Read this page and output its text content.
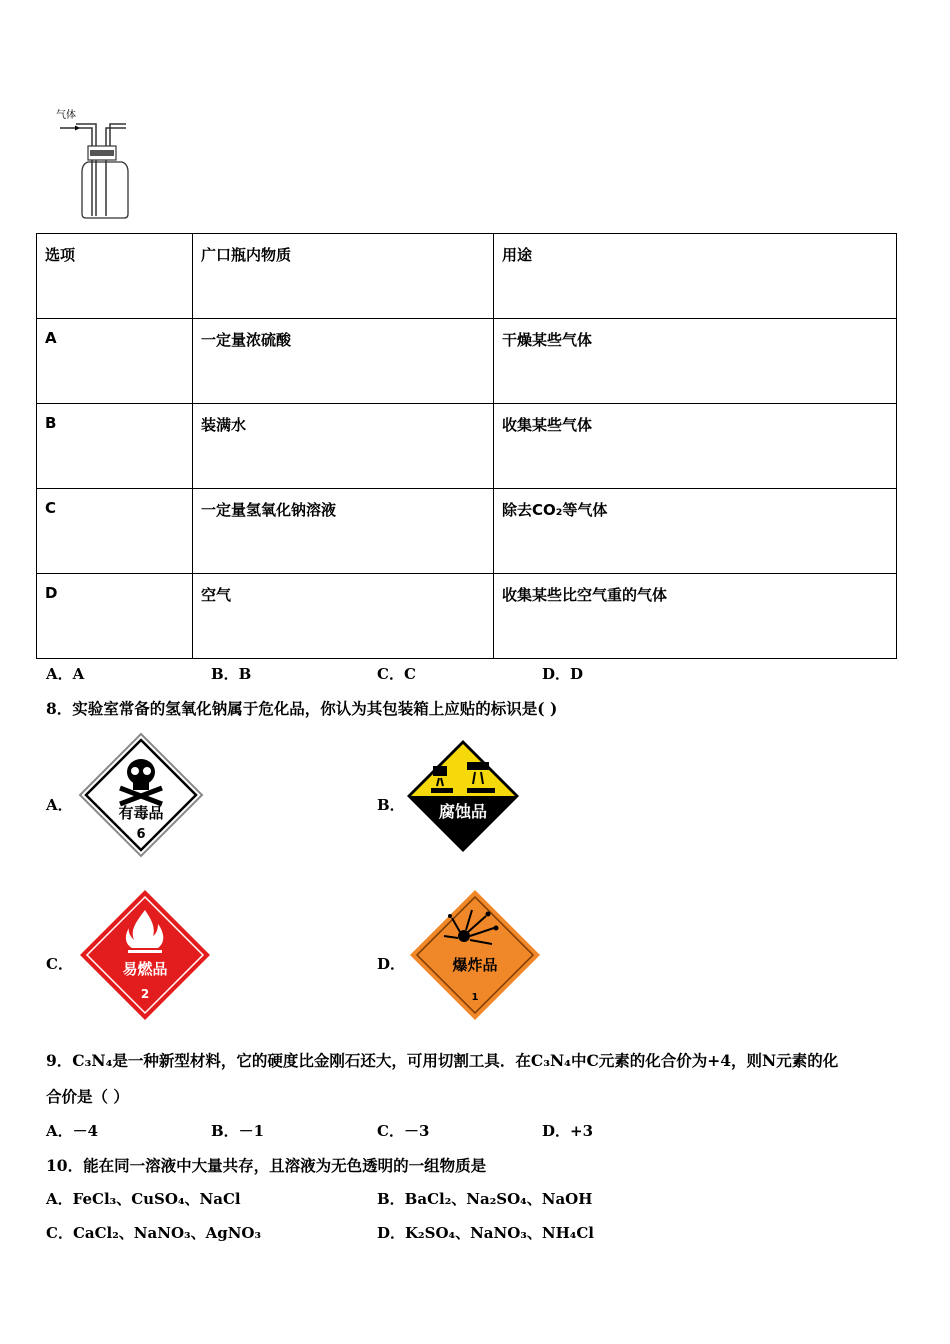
气体
选项	广口瓶内物质	用途
A	一定量浓硫酸	干燥某些气体
B	装满水	收集某些气体
C	一定量氢氧化钠溶液	除去CO₂等气体
D	空气	收集某些比空气重的气体
A．A	B．B	C．C	D．D
8．实验室常备的氢氧化钠属于危化品，你认为其包装箱上应贴的标识是( )
A．	有毒品
6
B． 腐蚀品
C．	易燃品
2
D．	爆炸品
1
9．C₃N₄是一种新型材料，它的硬度比金刚石还大，可用切割工具．在C₃N₄中C元素的化合价为+4，则N元素的化
合价是（ ）
A．－4	B．－1	C．－3	D．+3
10．能在同一溶液中大量共存，且溶液为无色透明的一组物质是
A．FeCl₃、CuSO₄、NaCl	B．BaCl₂、Na₂SO₄、NaOH
C．CaCl₂、NaNO₃、AgNO₃	D．K₂SO₄、NaNO₃、NH₄Cl
